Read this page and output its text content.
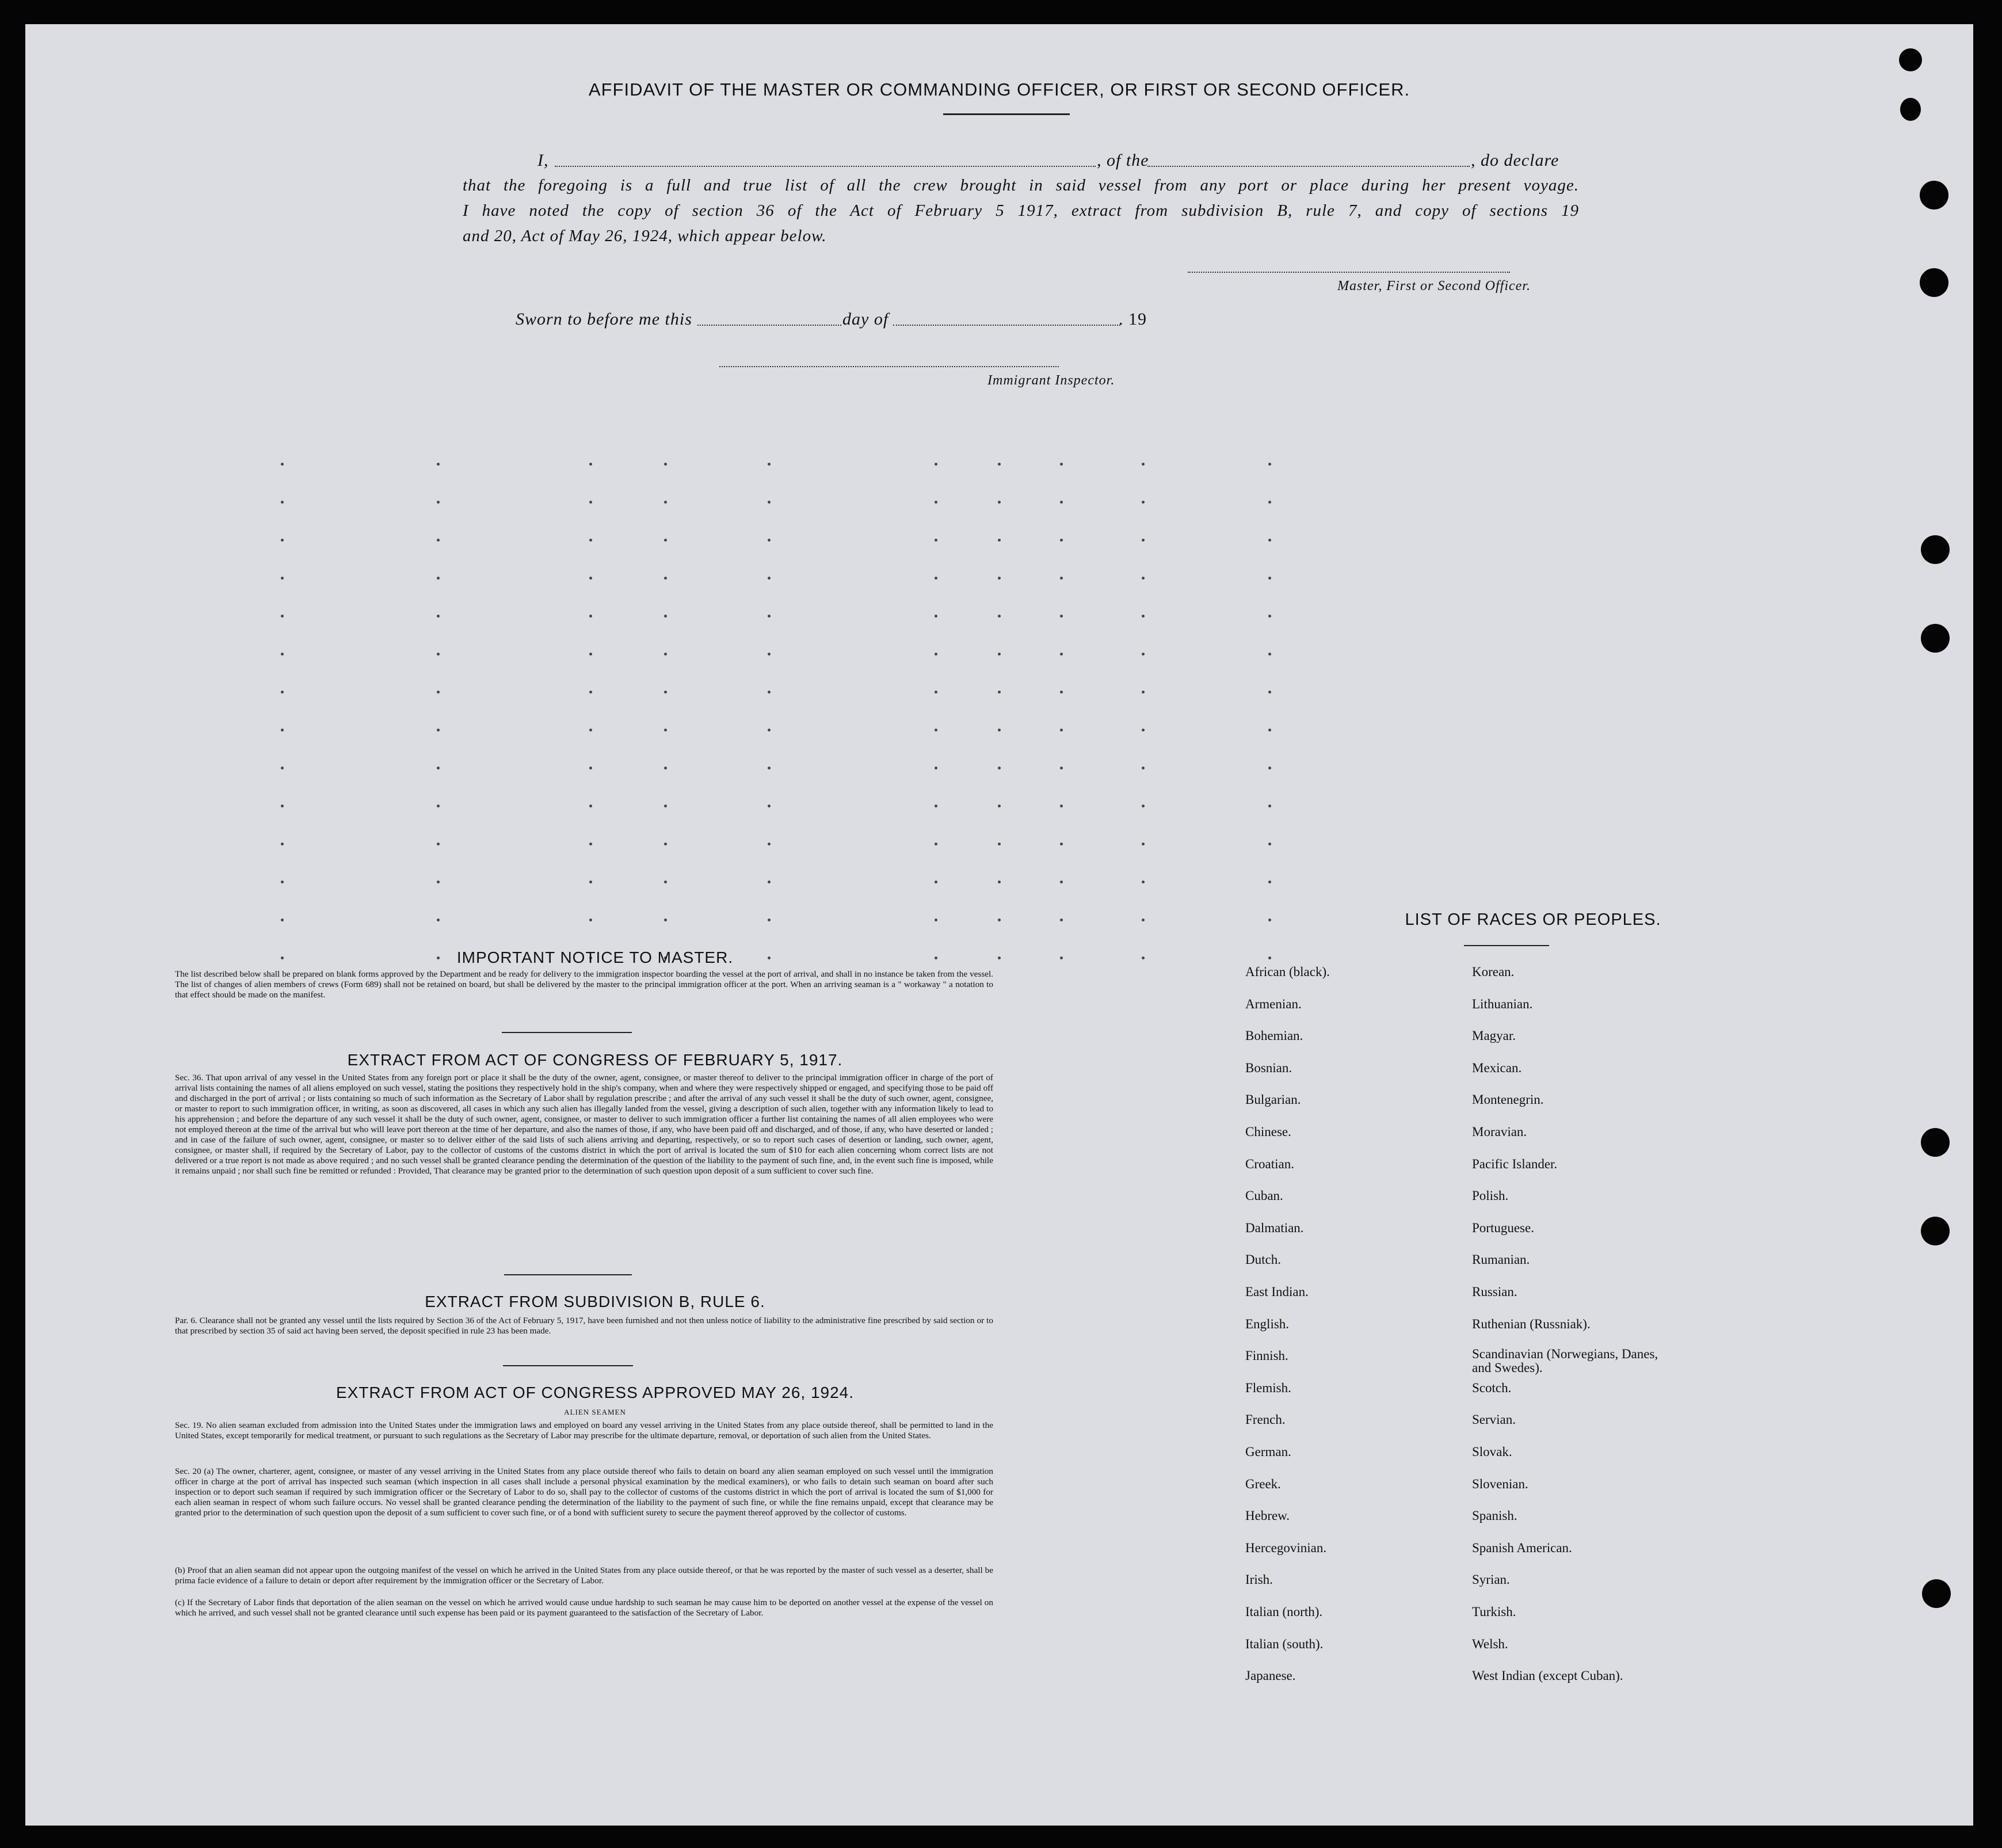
AFFIDAVIT OF THE MASTER OR COMMANDING OFFICER, OR FIRST OR SECOND OFFICER.
I,	, of the	, do declare
that the foregoing is a full and true list of all the crew brought in said vessel from any port or place during her present voyage.
I have noted the copy of section 36 of the Act of February 5 1917, extract from subdivision B, rule 7, and copy of sections 19
and 20, Act of May 26, 1924, which appear below.
Master, First or Second Officer.
Sworn to before me this	day of	. 19
Immigrant Inspector.
IMPORTANT NOTICE TO MASTER.
The list described below shall be prepared on blank forms approved by the Department and be ready for delivery to the immigration inspector boarding the vessel at the port of arrival, and shall in no instance be taken from the vessel. The list of changes of alien members of crews (Form 689) shall not be retained on board, but shall be delivered by the master to the principal immigration officer at the port. When an arriving seaman is a " workaway " a notation to that effect should be made on the manifest.
EXTRACT FROM ACT OF CONGRESS OF FEBRUARY 5, 1917.
Sec. 36. That upon arrival of any vessel in the United States from any foreign port or place it shall be the duty of the owner, agent, consignee, or master thereof to deliver to the principal immigration officer in charge of the port of arrival lists containing the names of all aliens employed on such vessel, stating the positions they respectively hold in the ship's company, when and where they were respectively shipped or engaged, and specifying those to be paid off and discharged in the port of arrival ; or lists containing so much of such information as the Secretary of Labor shall by regulation prescribe ; and after the arrival of any such vessel it shall be the duty of such owner, agent, consignee, or master to report to such immigration officer, in writing, as soon as discovered, all cases in which any such alien has illegally landed from the vessel, giving a description of such alien, together with any information likely to lead to his apprehension ; and before the departure of any such vessel it shall be the duty of such owner, agent, consignee, or master to deliver to such immigration officer a further list containing the names of all alien employees who were not employed thereon at the time of the arrival but who will leave port thereon at the time of her departure, and also the names of those, if any, who have been paid off and discharged, and of those, if any, who have deserted or landed ; and in case of the failure of such owner, agent, consignee, or master so to deliver either of the said lists of such aliens arriving and departing, respectively, or so to report such cases of desertion or landing, such owner, agent, consignee, or master shall, if required by the Secretary of Labor, pay to the collector of customs of the customs district in which the port of arrival is located the sum of $10 for each alien concerning whom correct lists are not delivered or a true report is not made as above required ; and no such vessel shall be granted clearance pending the determination of the question of the liability to the payment of such fine, and, in the event such fine is imposed, while it remains unpaid ; nor shall such fine be remitted or refunded : Provided, That clearance may be granted prior to the determination of such question upon deposit of a sum sufficient to cover such fine.
EXTRACT FROM SUBDIVISION B, RULE 6.
Par. 6. Clearance shall not be granted any vessel until the lists required by Section 36 of the Act of February 5, 1917, have been furnished and not then unless notice of liability to the administrative fine prescribed by said section or to that prescribed by section 35 of said act having been served, the deposit specified in rule 23 has been made.
EXTRACT FROM ACT OF CONGRESS APPROVED MAY 26, 1924.
ALIEN SEAMEN
Sec. 19. No alien seaman excluded from admission into the United States under the immigration laws and employed on board any vessel arriving in the United States from any place outside thereof, shall be permitted to land in the United States, except temporarily for medical treatment, or pursuant to such regulations as the Secretary of Labor may prescribe for the ultimate departure, removal, or deportation of such alien from the United States.
Sec. 20 (a) The owner, charterer, agent, consignee, or master of any vessel arriving in the United States from any place outside thereof who fails to detain on board any alien seaman employed on such vessel until the immigration officer in charge at the port of arrival has inspected such seaman (which inspection in all cases shall include a personal physical examination by the medical examiners), or who fails to detain such seaman on board after such inspection or to deport such seaman if required by such immigration officer or the Secretary of Labor to do so, shall pay to the collector of customs of the customs district in which the port of arrival is located the sum of $1,000 for each alien seaman in respect of whom such failure occurs. No vessel shall be granted clearance pending the determination of the liability to the payment of such fine, or while the fine remains unpaid, except that clearance may be granted prior to the determination of such question upon the deposit of a sum sufficient to cover such fine, or of a bond with sufficient surety to secure the payment thereof approved by the collector of customs.
(b) Proof that an alien seaman did not appear upon the outgoing manifest of the vessel on which he arrived in the United States from any place outside thereof, or that he was reported by the master of such vessel as a deserter, shall be prima facie evidence of a failure to detain or deport after requirement by the immigration officer or the Secretary of Labor.
(c) If the Secretary of Labor finds that deportation of the alien seaman on the vessel on which he arrived would cause undue hardship to such seaman he may cause him to be deported on another vessel at the expense of the vessel on which he arrived, and such vessel shall not be granted clearance until such expense has been paid or its payment guaranteed to the satisfaction of the Secretary of Labor.
LIST OF RACES OR PEOPLES.
African (black).
Armenian.
Bohemian.
Bosnian.
Bulgarian.
Chinese.
Croatian.
Cuban.
Dalmatian.
Dutch.
East Indian.
English.
Finnish.
Flemish.
French.
German.
Greek.
Hebrew.
Hercegovinian.
Irish.
Italian (north).
Italian (south).
Japanese.
Korean.
Lithuanian.
Magyar.
Mexican.
Montenegrin.
Moravian.
Pacific Islander.
Polish.
Portuguese.
Rumanian.
Russian.
Ruthenian (Russniak).
Scandinavian (Norwegians, Danes, and Swedes).
Scotch.
Servian.
Slovak.
Slovenian.
Spanish.
Spanish American.
Syrian.
Turkish.
Welsh.
West Indian (except Cuban).
